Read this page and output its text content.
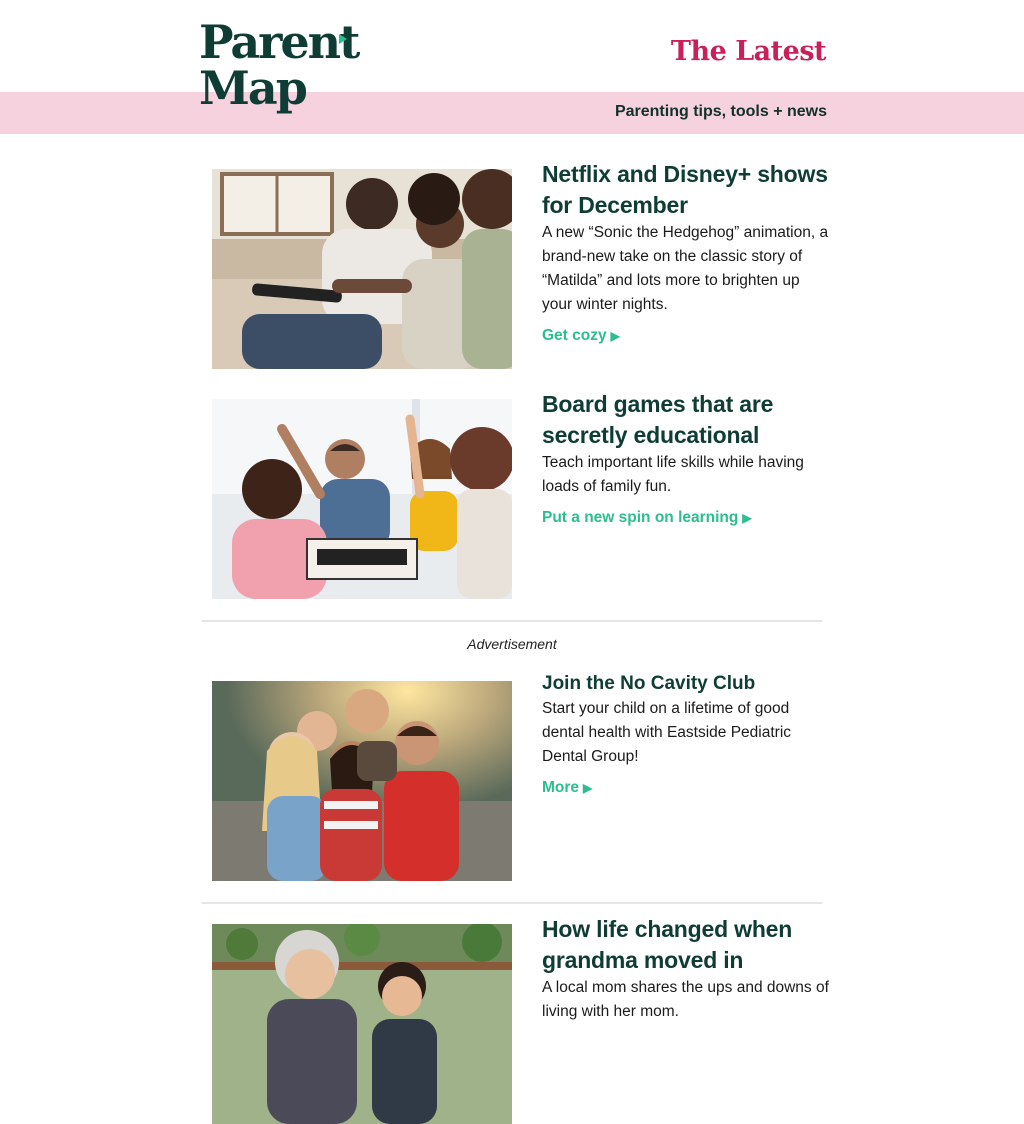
Parent
Map
The Latest
Parenting tips, tools + news
Netflix and Disney+ shows for December

A new “Sonic the Hedgehog” animation, a brand-new take on the classic story of “Matilda” and lots more to brighten up your winter nights.

Get cozy ▶
Board games that are secretly educational

Teach important life skills while having loads of family fun.

Put a new spin on learning ▶
Advertisement
Join the No Cavity Club

Start your child on a lifetime of good dental health with Eastside Pediatric Dental Group!

More ▶
How life changed when grandma moved in

A local mom shares the ups and downs of living with her mom.
